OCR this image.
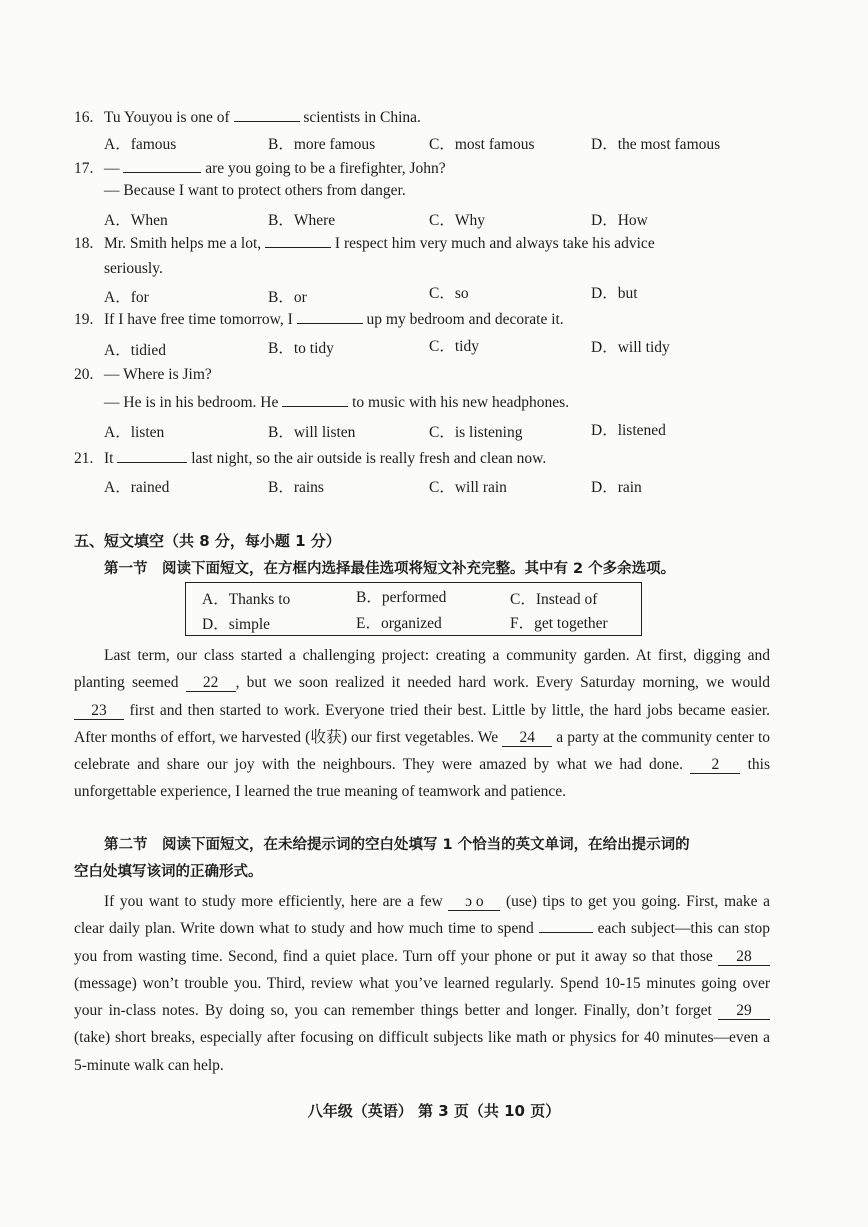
16. Tu Youyou is one of	scientists in China.
A．famous	B．more famous	C．most famous	D．the most famous
17. —	are you going to be a firefighter, John?
— Because I want to protect others from danger.
A．When	B．Where	C．Why	D．How
18. Mr. Smith helps me a lot,	I respect him very much and always take his advice
seriously.
A．for	B．or	C．so	D．but
19. If I have free time tomorrow, I	up my bedroom and decorate it.
A．tidied	B．to tidy	C．tidy	D．will tidy
20. — Where is Jim?
— He is in his bedroom. He	to music with his new headphones.
A．listen	B．will listen	C．is listening	D．listened
21. It	last night, so the air outside is really fresh and clean now.
A．rained	B．rains	C．will rain	D．rain
五、短文填空（共 8 分，每小题 1 分）
第一节　阅读下面短文，在方框内选择最佳选项将短文补充完整。其中有 2 个多余选项。
A．Thanks to	B．performed	C．Instead of
D．simple	E．organized	F．get together
Last term, our class started a challenging project: creating a community garden. At first, digging and planting seemed 22 , but we soon realized it needed hard work. Every Saturday morning, we would 23 first and then started to work. Everyone tried their best. Little by little, the hard jobs became easier. After months of effort, we harvested (收获) our first vegetables. We 24 a party at the community center to celebrate and share our joy with the neighbours. They were amazed by what we had done. 2 this unforgettable experience, I learned the true meaning of teamwork and patience.
第二节　阅读下面短文，在未给提示词的空白处填写 1 个恰当的英文单词，在给出提示词的
空白处填写该词的正确形式。
If you want to study more efficiently, here are a few ɔ o (use) tips to get you going. First, make a clear daily plan. Write down what to study and how much time to spend	each subject—this can stop you from wasting time. Second, find a quiet place. Turn off your phone or put it away so that those 28 (message) won’t trouble you. Third, review what you’ve learned regularly. Spend 10-15 minutes going over your in-class notes. By doing so, you can remember things better and longer. Finally, don’t forget 29 (take) short breaks, especially after focusing on difficult subjects like math or physics for 40 minutes—even a 5-minute walk can help.
八年级（英语） 第 3 页（共 10 页）
